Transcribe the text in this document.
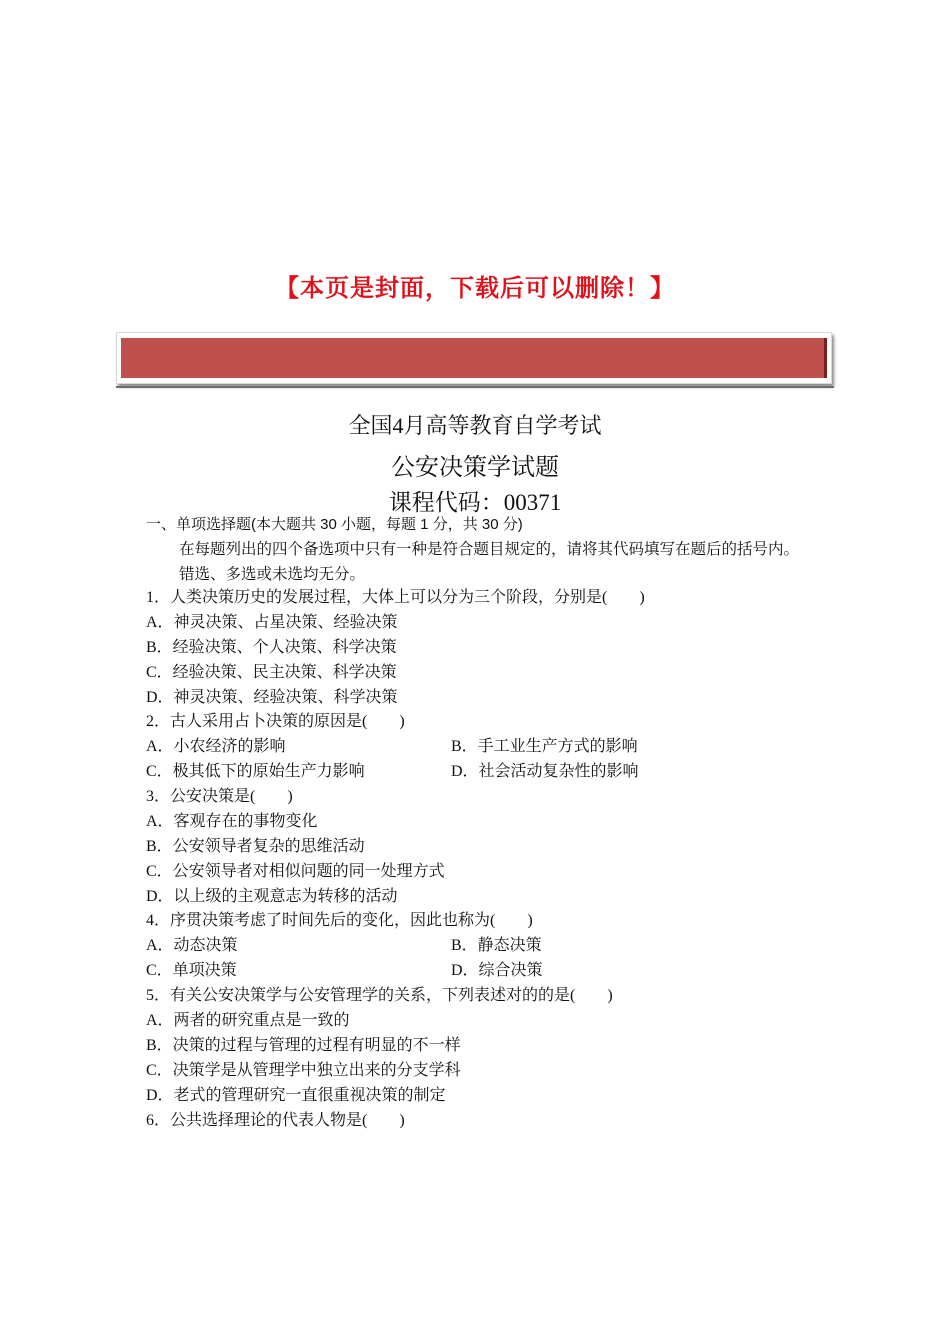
【本页是封面，下载后可以删除！】
全国4月高等教育自学考试
公安决策学试题
课程代码：00371
一、单项选择题(本大题共 30 小题，每题 1 分，共 30 分)
在每题列出的四个备选项中只有一种是符合题目规定的，请将其代码填写在题后的括号内。错选、多选或未选均无分。
1．人类决策历史的发展过程，大体上可以分为三个阶段，分别是(　　)
A．神灵决策、占星决策、经验决策
B．经验决策、个人决策、科学决策
C．经验决策、民主决策、科学决策
D．神灵决策、经验决策、科学决策
2．古人采用占卜决策的原因是(　　)
A．小农经济的影响	B．手工业生产方式的影响
C．极其低下的原始生产力影响	D．社会活动复杂性的影响
3．公安决策是(　　)
A．客观存在的事物变化
B．公安领导者复杂的思维活动
C．公安领导者对相似问题的同一处理方式
D．以上级的主观意志为转移的活动
4．序贯决策考虑了时间先后的变化，因此也称为(　　)
A．动态决策	B．静态决策
C．单项决策	D．综合决策
5．有关公安决策学与公安管理学的关系，下列表述对的的是(　　)
A．两者的研究重点是一致的
B．决策的过程与管理的过程有明显的不一样
C．决策学是从管理学中独立出来的分支学科
D．老式的管理研究一直很重视决策的制定
6．公共选择理论的代表人物是(　　)
